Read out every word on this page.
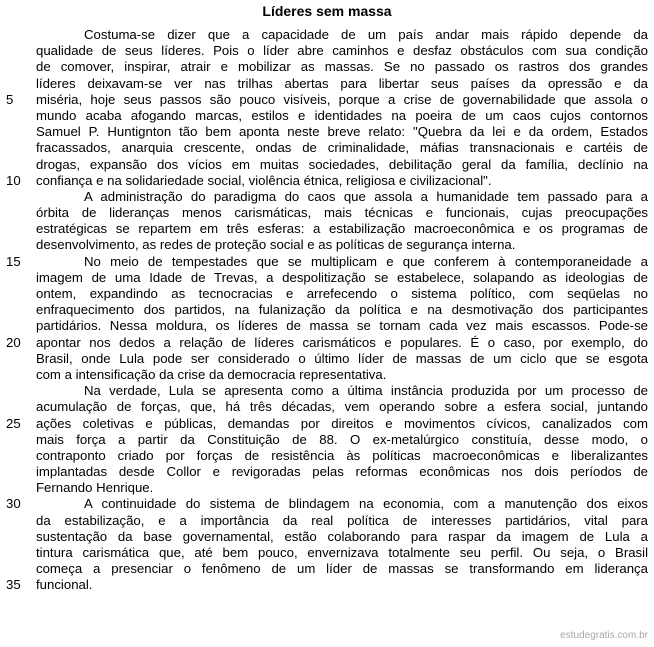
Líderes sem massa
Costuma-se dizer que a capacidade de um país andar mais rápido depende da
qualidade de seus líderes. Pois o líder abre caminhos e desfaz obstáculos com sua condição
de comover, inspirar, atrair e mobilizar as massas. Se no passado os rastros dos grandes
líderes deixavam-se ver nas trilhas abertas para libertar seus países da opressão e da
5	miséria, hoje seus passos são pouco visíveis, porque a crise de governabilidade que assola o
mundo acaba afogando marcas, estilos e identidades na poeira de um caos cujos contornos
Samuel P. Huntignton tão bem aponta neste breve relato: "Quebra da lei e da ordem, Estados
fracassados, anarquia crescente, ondas de criminalidade, máfias transnacionais e cartéis de
drogas, expansão dos vícios em muitas sociedades, debilitação geral da família, declínio na
10	confiança e na solidariedade social, violência étnica, religiosa e civilizacional".
A administração do paradigma do caos que assola a humanidade tem passado para a
órbita de lideranças menos carismáticas, mais técnicas e funcionais, cujas preocupações
estratégicas se repartem em três esferas: a estabilização macroeconômica e os programas de
desenvolvimento, as redes de proteção social e as políticas de segurança interna.
15	No meio de tempestades que se multiplicam e que conferem à contemporaneidade a
imagem de uma Idade de Trevas, a despolitização se estabelece, solapando as ideologias de
ontem, expandindo as tecnocracias e arrefecendo o sistema político, com seqüelas no
enfraquecimento dos partidos, na fulanização da política e na desmotivação dos participantes
partidários. Nessa moldura, os líderes de massa se tornam cada vez mais escassos. Pode-se
20	apontar nos dedos a relação de líderes carismáticos e populares. É o caso, por exemplo, do
Brasil, onde Lula pode ser considerado o último líder de massas de um ciclo que se esgota
com a intensificação da crise da democracia representativa.
Na verdade, Lula se apresenta como a última instância produzida por um processo de
acumulação de forças, que, há três décadas, vem operando sobre a esfera social, juntando
25	ações coletivas e públicas, demandas por direitos e movimentos cívicos, canalizados com
mais força a partir da Constituição de 88. O ex-metalúrgico constituía, desse modo, o
contraponto criado por forças de resistência às políticas macroeconômicas e liberalizantes
implantadas desde Collor e revigoradas pelas reformas econômicas nos dois períodos de
Fernando Henrique.
30	A continuidade do sistema de blindagem na economia, com a manutenção dos eixos
da estabilização, e a importância da real política de interesses partidários, vital para
sustentação da base governamental, estão colaborando para raspar da imagem de Lula a
tintura carismática que, até bem pouco, envernizava totalmente seu perfil. Ou seja, o Brasil
começa a presenciar o fenômeno de um líder de massas se transformando em liderança
35	funcional.
estudegratis.com.br
